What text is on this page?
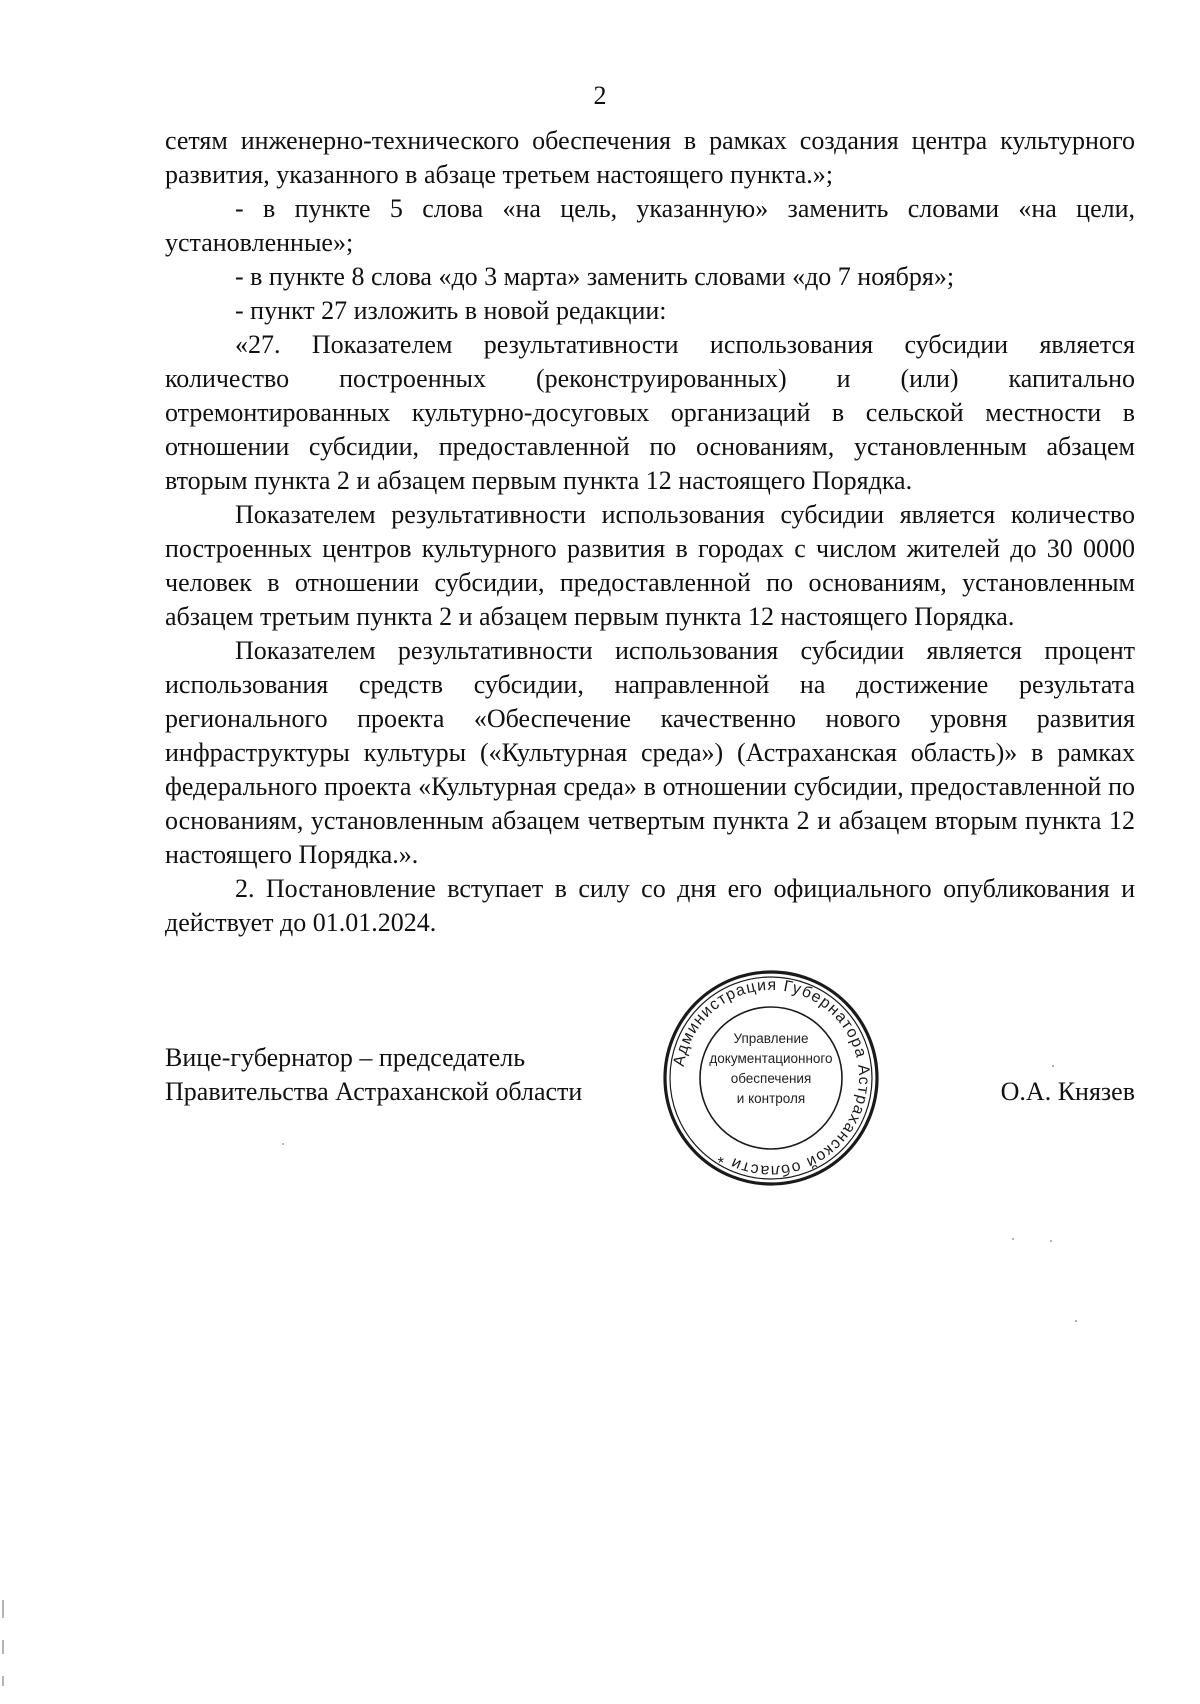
2

сетям инженерно-технического обеспечения в рамках создания центра культурного развития, указанного в абзаце третьем настоящего пункта.»;

- в пункте 5 слова «на цель, указанную» заменить словами «на цели, установленные»;

- в пункте 8 слова «до 3 марта» заменить словами «до 7 ноября»;

- пункт 27 изложить в новой редакции:

«27. Показателем результативности использования субсидии является количество построенных (реконструированных) и (или) капитально отремонтированных культурно-досуговых организаций в сельской местности в отношении субсидии, предоставленной по основаниям, установленным абзацем вторым пункта 2 и абзацем первым пункта 12 настоящего Порядка.

Показателем результативности использования субсидии является количество построенных центров культурного развития в городах с числом жителей до 30 0000 человек в отношении субсидии, предоставленной по основаниям, установленным абзацем третьим пункта 2 и абзацем первым пункта 12 настоящего Порядка.

Показателем результативности использования субсидии является процент использования средств субсидии, направленной на достижение результата регионального проекта «Обеспечение качественно нового уровня развития инфраструктуры культуры («Культурная среда») (Астраханская область)» в рамках федерального проекта «Культурная среда» в отношении субсидии, предоставленной по основаниям, установленным абзацем четвертым пункта 2 и абзацем вторым пункта 12 настоящего Порядка.».

2. Постановление вступает в силу со дня его официального опубликования и действует до 01.01.2024.

Вице-губернатор – председатель
Правительства Астраханской области
Администрация Губернатора Астраханской области *
Управление
документационного
обеспечения
и контроля	О.А. Князев
